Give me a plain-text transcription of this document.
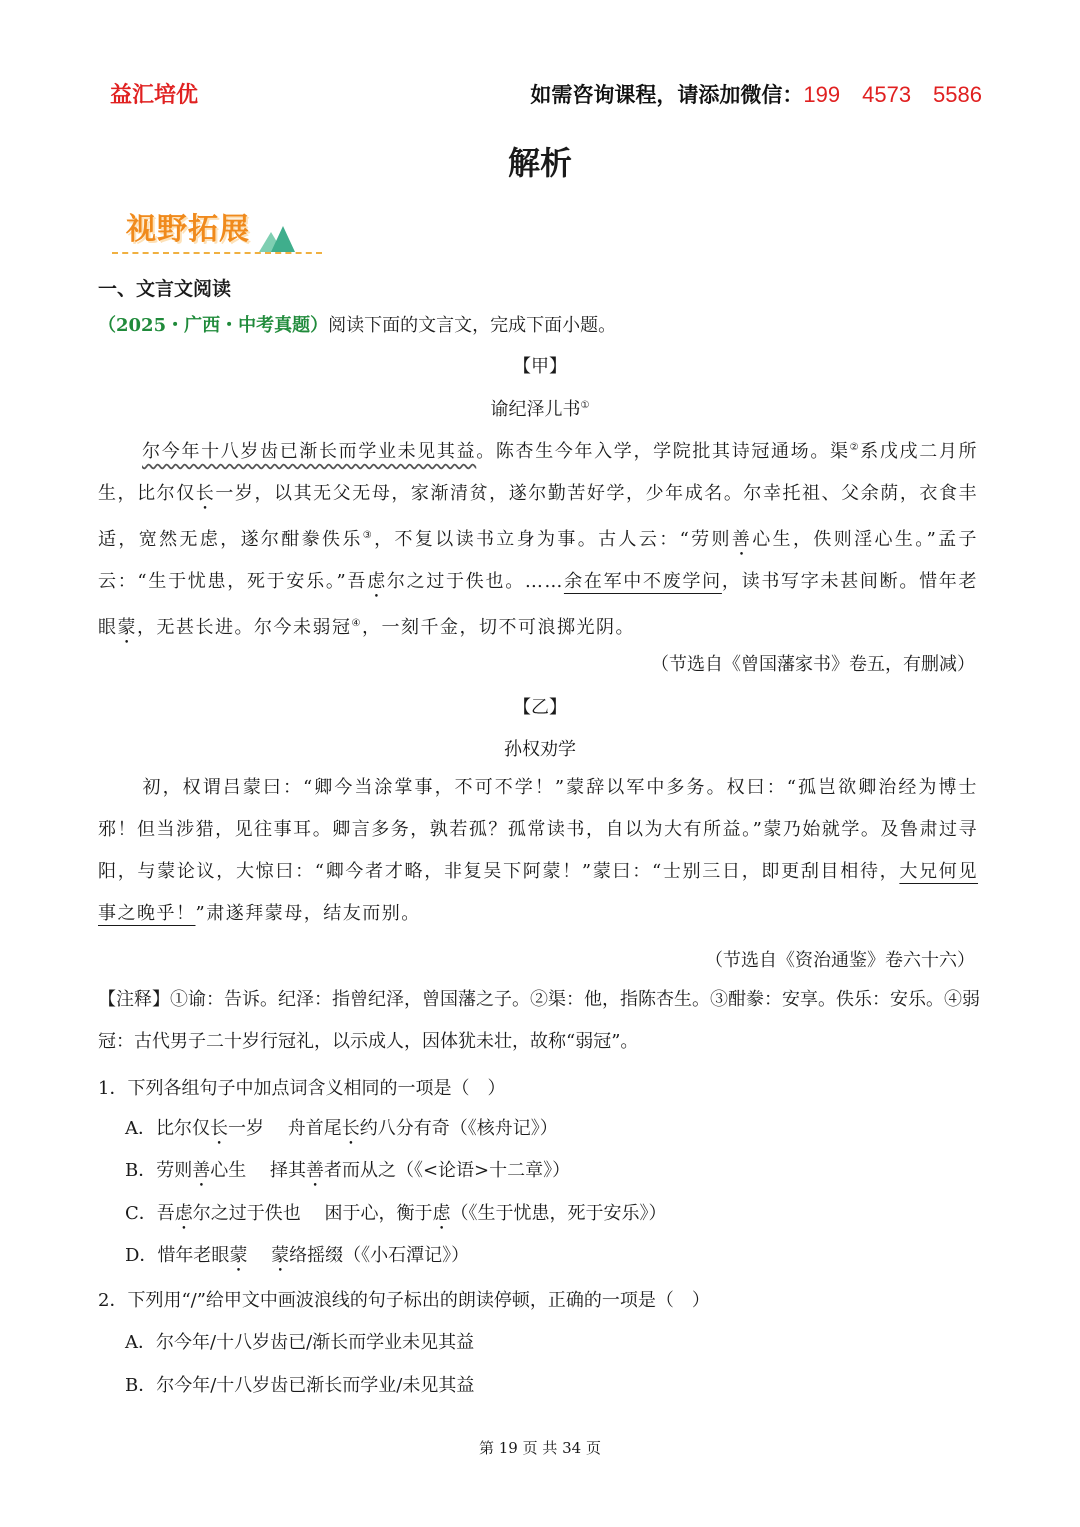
益汇培优	如需咨询课程，请添加微信：199　4573　5586
解析
视野拓展
一、文言文阅读
（2025・广西・中考真题）阅读下面的文言文，完成下面小题。
【甲】
谕纪泽儿书①
尔今年十八岁齿已渐长而学业未见其益。陈杏生今年入学，学院批其诗冠通场。渠②系戊戌二月所生，比尔仅长一岁，以其无父无母，家渐清贫，遂尔勤苦好学，少年成名。尔幸托祖、父余荫，衣食丰适，宽然无虑，遂尔酣豢佚乐③，不复以读书立身为事。古人云：“劳则善心生，佚则淫心生。”孟子云：“生于忧患，死于安乐。”吾虑尔之过于佚也。……余在军中不废学问，读书写字未甚间断。惜年老眼蒙，无甚长进。尔今未弱冠④，一刻千金，切不可浪掷光阴。
（节选自《曾国藩家书》卷五，有删减）
【乙】
孙权劝学
初，权谓吕蒙曰：“卿今当涂掌事，不可不学！”蒙辞以军中多务。权曰：“孤岂欲卿治经为博士邪！但当涉猎，见往事耳。卿言多务，孰若孤？孤常读书，自以为大有所益。”蒙乃始就学。及鲁肃过寻阳，与蒙论议，大惊曰：“卿今者才略，非复吴下阿蒙！”蒙曰：“士别三日，即更刮目相待，大兄何见事之晚乎！”肃遂拜蒙母，结友而别。
（节选自《资治通鉴》卷六十六）
【注释】①谕：告诉。纪泽：指曾纪泽，曾国藩之子。②渠：他，指陈杏生。③酣豢：安享。佚乐：安乐。④弱冠：古代男子二十岁行冠礼，以示成人，因体犹未壮，故称“弱冠”。
1．下列各组句子中加点词含义相同的一项是（　）
A．比尔仅长一岁　 舟首尾长约八分有奇（《核舟记》）
B．劳则善心生　 择其善者而从之（《<论语>十二章》）
C．吾虑尔之过于佚也　 困于心，衡于虑（《生于忧患，死于安乐》）
D．惜年老眼蒙　 蒙络摇缀（《小石潭记》）
2．下列用“/”给甲文中画波浪线的句子标出的朗读停顿，正确的一项是（　）
A．尔今年/十八岁齿已/渐长而学业未见其益
B．尔今年/十八岁齿已渐长而学业/未见其益
第 19 页 共 34 页
